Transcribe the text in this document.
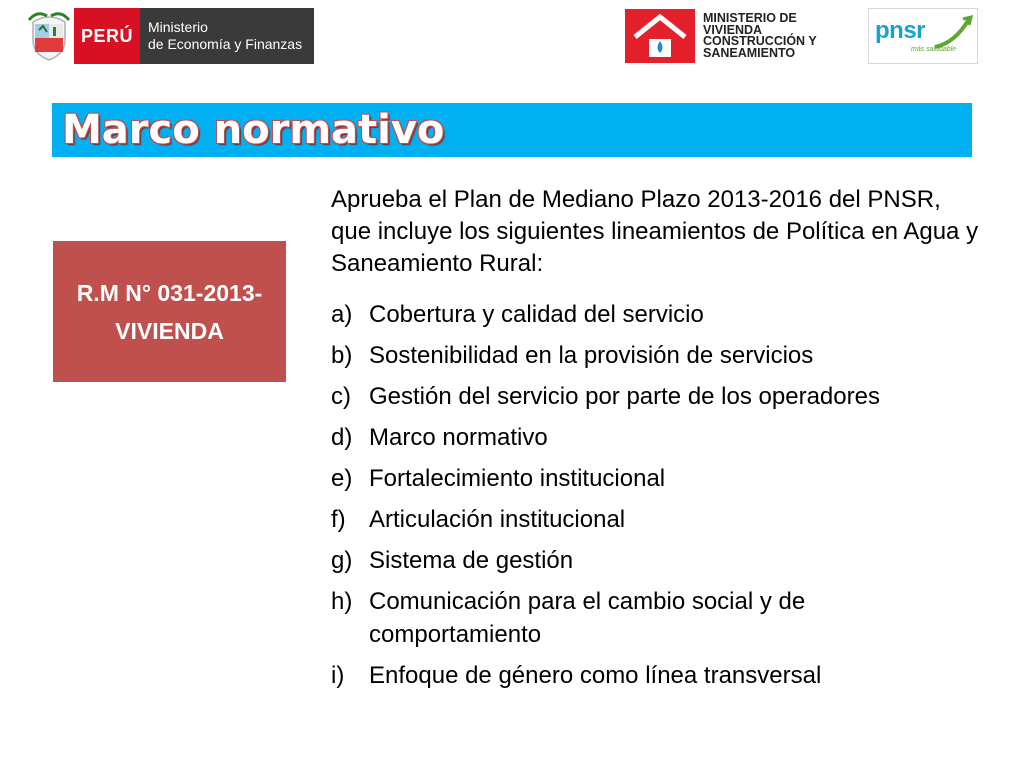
PERÚ	Ministerio
de Economía y Finanzas
MINISTERIO DE
VIVIENDA
CONSTRUCCIÓN Y
SANEAMIENTO
pnsr
más saludable
Marco normativo
R.M N° 031-2013-VIVIENDA

Aprueba el Plan de Mediano Plazo 2013-2016 del PNSR, que incluye los siguientes lineamientos de Política en Agua y Saneamiento Rural:

a) Cobertura y calidad del servicio
b) Sostenibilidad en la provisión de servicios
c) Gestión del servicio por parte de los operadores
d) Marco normativo
e) Fortalecimiento institucional
f) Articulación institucional
g) Sistema de gestión
h) Comunicación para el cambio social y de comportamiento
i)	Enfoque de género como línea transversal
